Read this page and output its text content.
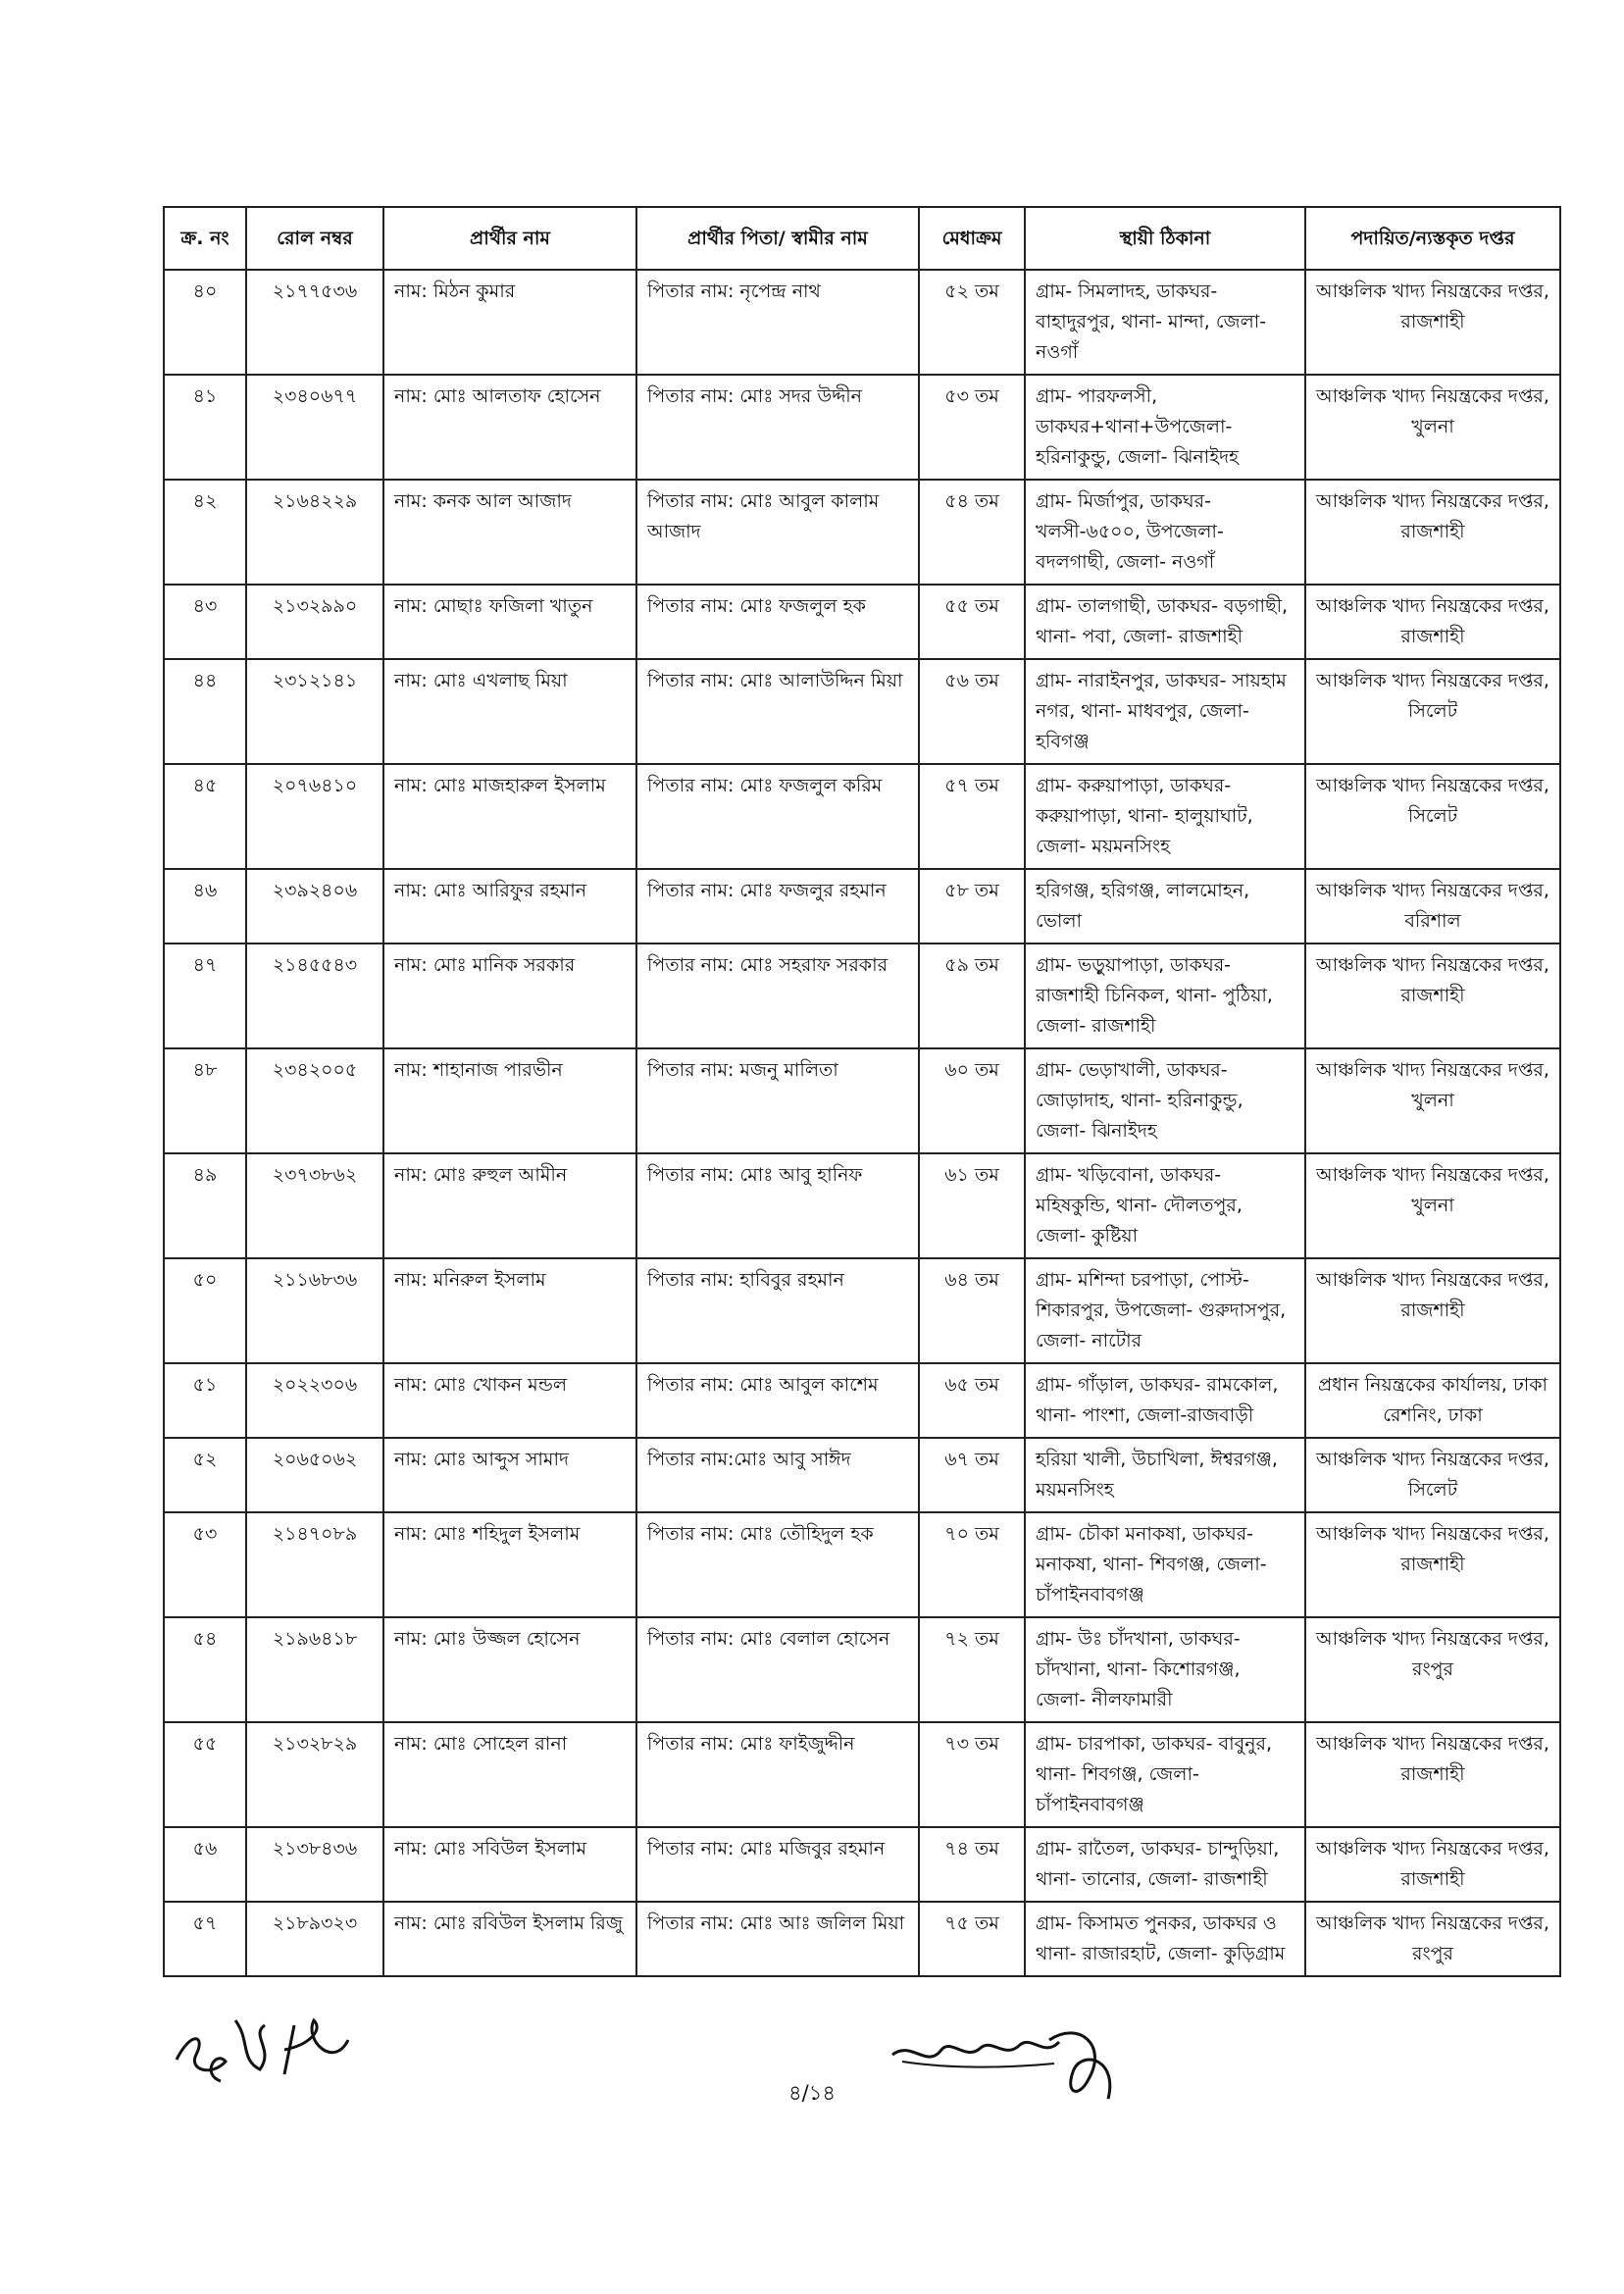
ক্র. নং	রোল নম্বর	প্রার্থীর নাম	প্রার্থীর পিতা/ স্বামীর নাম	মেধাক্রম	স্থায়ী ঠিকানা	পদায়িত/ন্যস্তকৃত দপ্তর
৪০	২১৭৭৫৩৬	নাম: মিঠন কুমার	পিতার নাম: নৃপেন্দ্র নাথ	৫২ তম	গ্রাম- সিমলাদহ, ডাকঘর- বাহাদুরপুর, থানা- মান্দা, জেলা- নওগাঁ	আঞ্চলিক খাদ্য নিয়ন্ত্রকের দপ্তর, রাজশাহী
৪১	২৩৪০৬৭৭	নাম: মোঃ আলতাফ হোসেন	পিতার নাম: মোঃ সদর উদ্দীন	৫৩ তম	গ্রাম- পারফলসী, ডাকঘর+থানা+উপজেলা- হরিনাকুন্ডু, জেলা- ঝিনাইদহ	আঞ্চলিক খাদ্য নিয়ন্ত্রকের দপ্তর, খুলনা
৪২	২১৬৪২২৯	নাম: কনক আল আজাদ	পিতার নাম: মোঃ আবুল কালাম আজাদ	৫৪ তম	গ্রাম- মির্জাপুর, ডাকঘর- খলসী-৬৫০০, উপজেলা- বদলগাছী, জেলা- নওগাঁ	আঞ্চলিক খাদ্য নিয়ন্ত্রকের দপ্তর, রাজশাহী
৪৩	২১৩২৯৯০	নাম: মোছাঃ ফজিলা খাতুন	পিতার নাম: মোঃ ফজলুল হক	৫৫ তম	গ্রাম- তালগাছী, ডাকঘর- বড়গাছী, থানা- পবা, জেলা- রাজশাহী	আঞ্চলিক খাদ্য নিয়ন্ত্রকের দপ্তর, রাজশাহী
৪৪	২৩১২১৪১	নাম: মোঃ এখলাছ মিয়া	পিতার নাম: মোঃ আলাউদ্দিন মিয়া	৫৬ তম	গ্রাম- নারাইনপুর, ডাকঘর- সায়হাম নগর, থানা- মাধবপুর, জেলা- হবিগঞ্জ	আঞ্চলিক খাদ্য নিয়ন্ত্রকের দপ্তর, সিলেট
৪৫	২০৭৬৪১০	নাম: মোঃ মাজহারুল ইসলাম	পিতার নাম: মোঃ ফজলুল করিম	৫৭ তম	গ্রাম- করুয়াপাড়া, ডাকঘর- করুয়াপাড়া, থানা- হালুয়াঘাট, জেলা- ময়মনসিংহ	আঞ্চলিক খাদ্য নিয়ন্ত্রকের দপ্তর, সিলেট
৪৬	২৩৯২৪০৬	নাম: মোঃ আরিফুর রহমান	পিতার নাম: মোঃ ফজলুর রহমান	৫৮ তম	হরিগঞ্জ, হরিগঞ্জ, লালমোহন, ভোলা	আঞ্চলিক খাদ্য নিয়ন্ত্রকের দপ্তর, বরিশাল
৪৭	২১৪৫৫৪৩	নাম: মোঃ মানিক সরকার	পিতার নাম: মোঃ সহরাফ সরকার	৫৯ তম	গ্রাম- ভড়ুয়াপাড়া, ডাকঘর- রাজশাহী চিনিকল, থানা- পুঠিয়া, জেলা- রাজশাহী	আঞ্চলিক খাদ্য নিয়ন্ত্রকের দপ্তর, রাজশাহী
৪৮	২৩৪২০০৫	নাম: শাহানাজ পারভীন	পিতার নাম: মজনু মালিতা	৬০ তম	গ্রাম- ভেড়াখালী, ডাকঘর- জোড়াদাহ, থানা- হরিনাকুন্ডু, জেলা- ঝিনাইদহ	আঞ্চলিক খাদ্য নিয়ন্ত্রকের দপ্তর, খুলনা
৪৯	২৩৭৩৮৬২	নাম: মোঃ রুহুল আমীন	পিতার নাম: মোঃ আবু হানিফ	৬১ তম	গ্রাম- খড়িবোনা, ডাকঘর- মহিষকুন্ডি, থানা- দৌলতপুর, জেলা- কুষ্টিয়া	আঞ্চলিক খাদ্য নিয়ন্ত্রকের দপ্তর, খুলনা
৫০	২১১৬৮৩৬	নাম: মনিরুল ইসলাম	পিতার নাম: হাবিবুর রহমান	৬৪ তম	গ্রাম- মশিন্দা চরপাড়া, পোস্ট- শিকারপুর, উপজেলা- গুরুদাসপুর, জেলা- নাটোর	আঞ্চলিক খাদ্য নিয়ন্ত্রকের দপ্তর, রাজশাহী
৫১	২০২২৩০৬	নাম: মোঃ খোকন মন্ডল	পিতার নাম: মোঃ আবুল কাশেম	৬৫ তম	গ্রাম- গাঁড়াল, ডাকঘর- রামকোল, থানা- পাংশা, জেলা-রাজবাড়ী	প্রধান নিয়ন্ত্রকের কার্যালয়, ঢাকা রেশনিং, ঢাকা
৫২	২০৬৫০৬২	নাম: মোঃ আব্দুস সামাদ	পিতার নাম:মোঃ আবু সাঈদ	৬৭ তম	হরিয়া খালী, উচাখিলা, ঈশ্বরগঞ্জ, ময়মনসিংহ	আঞ্চলিক খাদ্য নিয়ন্ত্রকের দপ্তর, সিলেট
৫৩	২১৪৭০৮৯	নাম: মোঃ শহিদুল ইসলাম	পিতার নাম: মোঃ তৌহিদুল হক	৭০ তম	গ্রাম- চৌকা মনাকষা, ডাকঘর-মনাকষা, থানা- শিবগঞ্জ, জেলা- চাঁপাইনবাবগঞ্জ	আঞ্চলিক খাদ্য নিয়ন্ত্রকের দপ্তর, রাজশাহী
৫৪	২১৯৬৪১৮	নাম: মোঃ উজ্জল হোসেন	পিতার নাম: মোঃ বেলাল হোসেন	৭২ তম	গ্রাম- উঃ চাঁদখানা, ডাকঘর- চাঁদখানা, থানা- কিশোরগঞ্জ, জেলা- নীলফামারী	আঞ্চলিক খাদ্য নিয়ন্ত্রকের দপ্তর, রংপুর
৫৫	২১৩২৮২৯	নাম: মোঃ সোহেল রানা	পিতার নাম: মোঃ ফাইজুদ্দীন	৭৩ তম	গ্রাম- চারপাকা, ডাকঘর- বাবুনুর, থানা- শিবগঞ্জ, জেলা- চাঁপাইনবাবগঞ্জ	আঞ্চলিক খাদ্য নিয়ন্ত্রকের দপ্তর, রাজশাহী
৫৬	২১৩৮৪৩৬	নাম: মোঃ সবিউল ইসলাম	পিতার নাম: মোঃ মজিবুর রহমান	৭৪ তম	গ্রাম- রাতৈল, ডাকঘর- চান্দুড়িয়া, থানা- তানোর, জেলা- রাজশাহী	আঞ্চলিক খাদ্য নিয়ন্ত্রকের দপ্তর, রাজশাহী
৫৭	২১৮৯৩২৩	নাম: মোঃ রবিউল ইসলাম রিজু	পিতার নাম: মোঃ আঃ জলিল মিয়া	৭৫ তম	গ্রাম- কিসামত পুনকর, ডাকঘর ও থানা- রাজারহাট, জেলা- কুড়িগ্রাম	আঞ্চলিক খাদ্য নিয়ন্ত্রকের দপ্তর, রংপুর
৪/১৪
